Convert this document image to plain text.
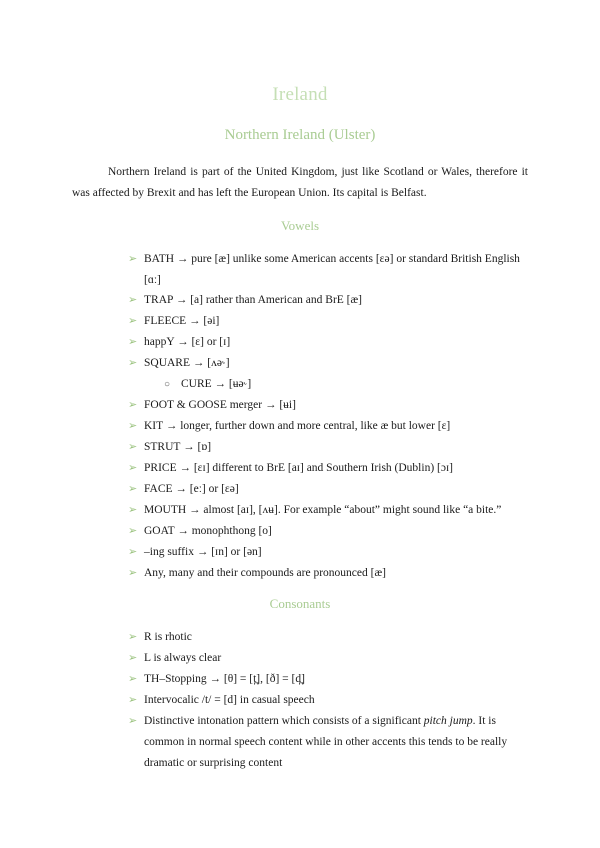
Ireland
Northern Ireland (Ulster)
Northern Ireland is part of the United Kingdom, just like Scotland or Wales, therefore it was affected by Brexit and has left the European Union. Its capital is Belfast.
Vowels
➢ BATH → pure [æ] unlike some American accents [ɛə] or standard British English [ɑː]
➢ TRAP → [a] rather than American and BrE [æ]
➢ FLEECE → [əi]
➢ happY → [ɛ] or [ɪ]
➢ SQUARE → [ʌə˞]
○ CURE → [ʉə˞]
➢ FOOT & GOOSE merger → [ʉi]
➢ KIT → longer, further down and more central, like æ but lower [ɛ]
➢ STRUT → [ɒ]
➢ PRICE → [ɛɪ] different to BrE [aɪ] and Southern Irish (Dublin) [ɔɪ]
➢ FACE → [eː] or [ɛə]
➢ MOUTH → almost [aɪ], [ʌʉ]. For example “about” might sound like “a bite.”
➢ GOAT → monophthong [o]
➢ –ing suffix → [ɪn] or [ən]
➢ Any, many and their compounds are pronounced [æ]
Consonants
➢ R is rhotic
➢ L is always clear
➢ TH–Stopping → [θ] = [t̪], [ð] = [d̪]
➢ Intervocalic /t/ = [d] in casual speech
➢ Distinctive intonation pattern which consists of a significant pitch jump. It is common in normal speech content while in other accents this tends to be really dramatic or surprising content
